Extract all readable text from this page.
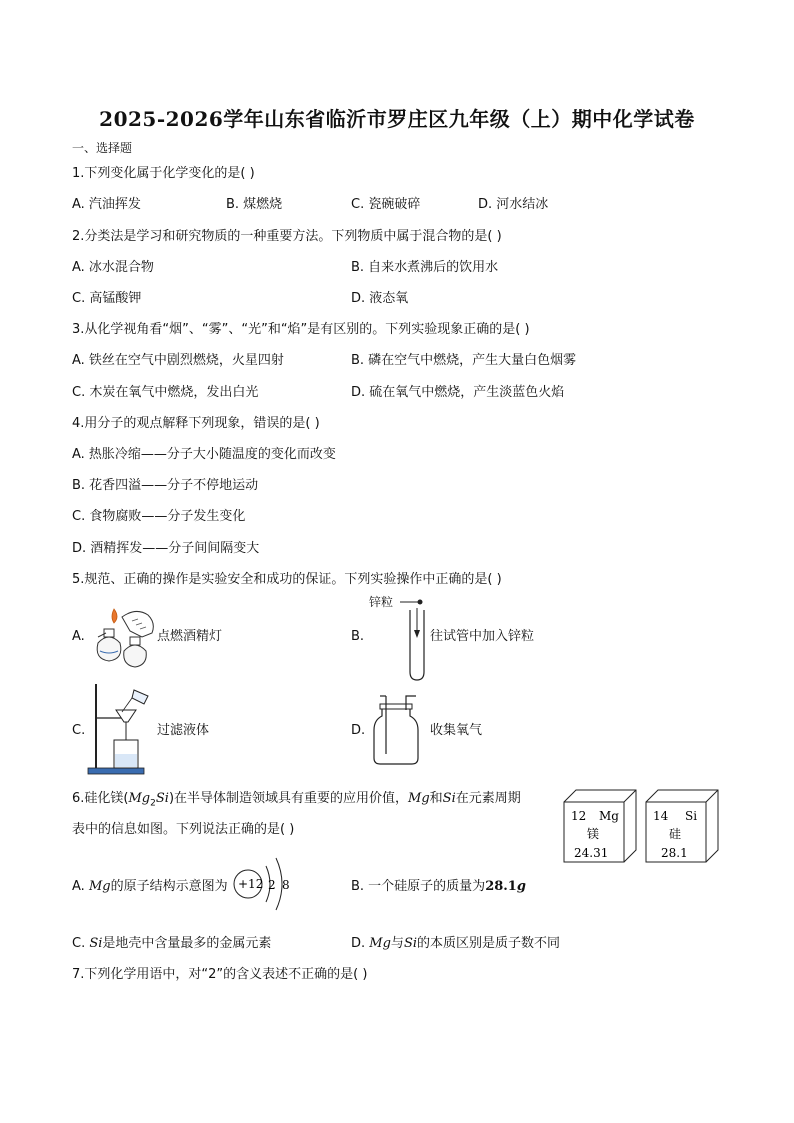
2025-2026学年山东省临沂市罗庄区九年级（上）期中化学试卷
一、选择题
1.下列变化属于化学变化的是( )
A. 汽油挥发	B. 煤燃烧	C. 瓷碗破碎	D. 河水结冰
2.分类法是学习和研究物质的一种重要方法。下列物质中属于混合物的是( )
A. 冰水混合物	B. 自来水煮沸后的饮用水
C. 高锰酸钾	D. 液态氧
3.从化学视角看“烟”、“雾”、“光”和“焰”是有区别的。下列实验现象正确的是( )
A. 铁丝在空气中剧烈燃烧，火星四射	B. 磷在空气中燃烧，产生大量白色烟雾
C. 木炭在氧气中燃烧，发出白光	D. 硫在氧气中燃烧，产生淡蓝色火焰
4.用分子的观点解释下列现象，错误的是( )
A. 热胀冷缩——分子大小随温度的变化而改变
B. 花香四溢——分子不停地运动
C. 食物腐败——分子发生变化
D. 酒精挥发——分子间间隔变大
5.规范、正确的操作是实验安全和成功的保证。下列实验操作中正确的是( )
A.	点燃酒精灯	B.
锌粒
往试管中加入锌粒
C.	过滤液体	D.	收集氧气
6.硅化镁$(Mg_2Si)$在半导体制造领域具有重要的应用价值，Mg和Si在元素周期
表中的信息如图。下列说法正确的是( )
12 Mg
镁
24.31
14 Si
硅
28.1
A. Mg的原子结构示意图为 +12 2 8	B. 一个硅原子的质量为28.1g
C. Si是地壳中含量最多的金属元素	D. Mg与Si的本质区别是质子数不同
7.下列化学用语中，对“2”的含义表述不正确的是( )
